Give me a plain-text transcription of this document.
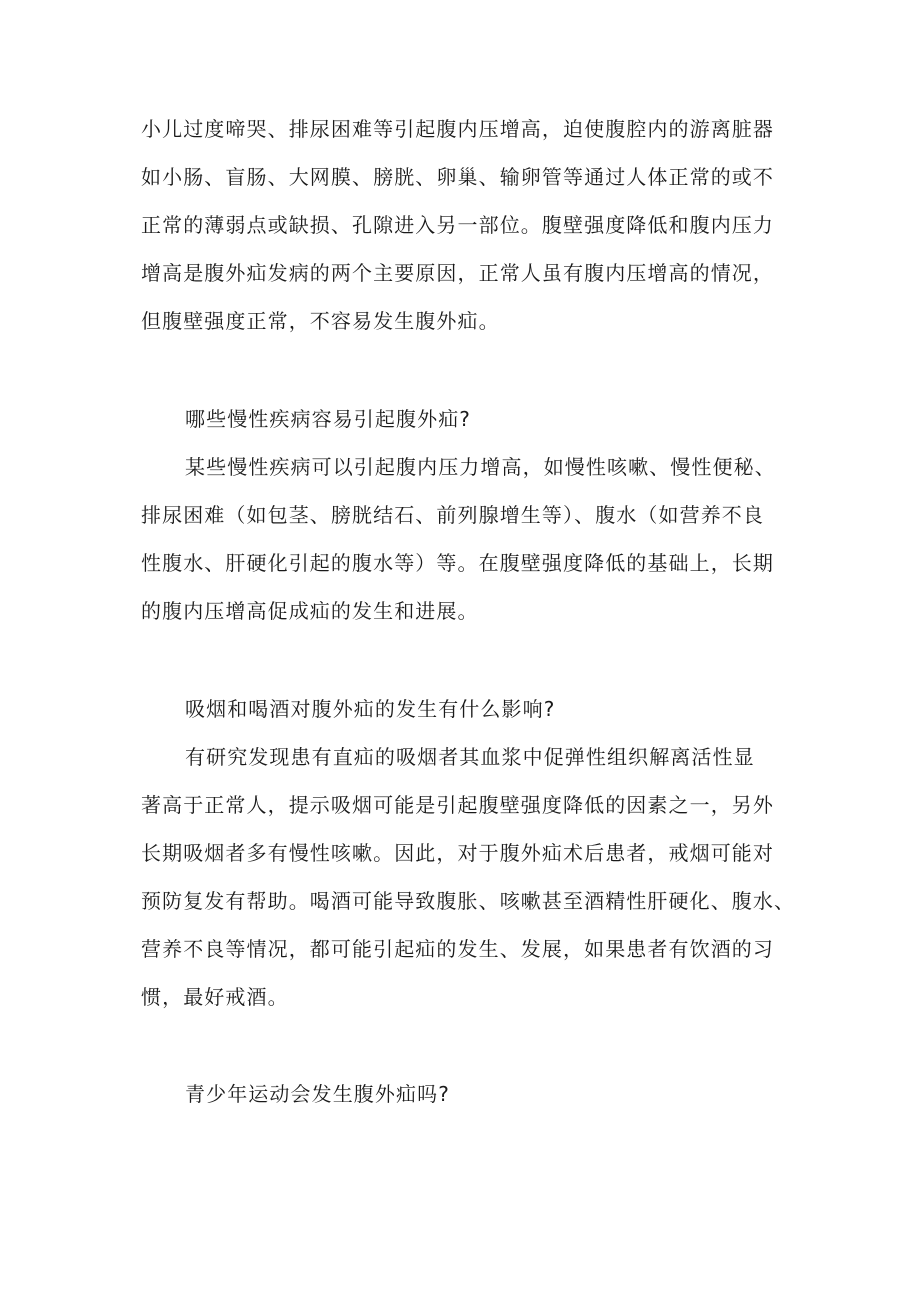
小儿过度啼哭、排尿困难等引起腹内压增高，迫使腹腔内的游离脏器
如小肠、盲肠、大网膜、膀胱、卵巢、输卵管等通过人体正常的或不
正常的薄弱点或缺损、孔隙进入另一部位。腹壁强度降低和腹内压力
增高是腹外疝发病的两个主要原因，正常人虽有腹内压增高的情况，
但腹壁强度正常，不容易发生腹外疝。
哪些慢性疾病容易引起腹外疝?
某些慢性疾病可以引起腹内压力增高，如慢性咳嗽、慢性便秘、
排尿困难（如包茎、膀胱结石、前列腺增生等）、腹水（如营养不良
性腹水、肝硬化引起的腹水等）等。在腹壁强度降低的基础上，长期
的腹内压增高促成疝的发生和进展。
吸烟和喝酒对腹外疝的发生有什么影响?
有研究发现患有直疝的吸烟者其血浆中促弹性组织解离活性显
著高于正常人，提示吸烟可能是引起腹壁强度降低的因素之一，另外
长期吸烟者多有慢性咳嗽。因此，对于腹外疝术后患者，戒烟可能对
预防复发有帮助。喝酒可能导致腹胀、咳嗽甚至酒精性肝硬化、腹水、
营养不良等情况，都可能引起疝的发生、发展，如果患者有饮酒的习
惯，最好戒酒。
青少年运动会发生腹外疝吗?
